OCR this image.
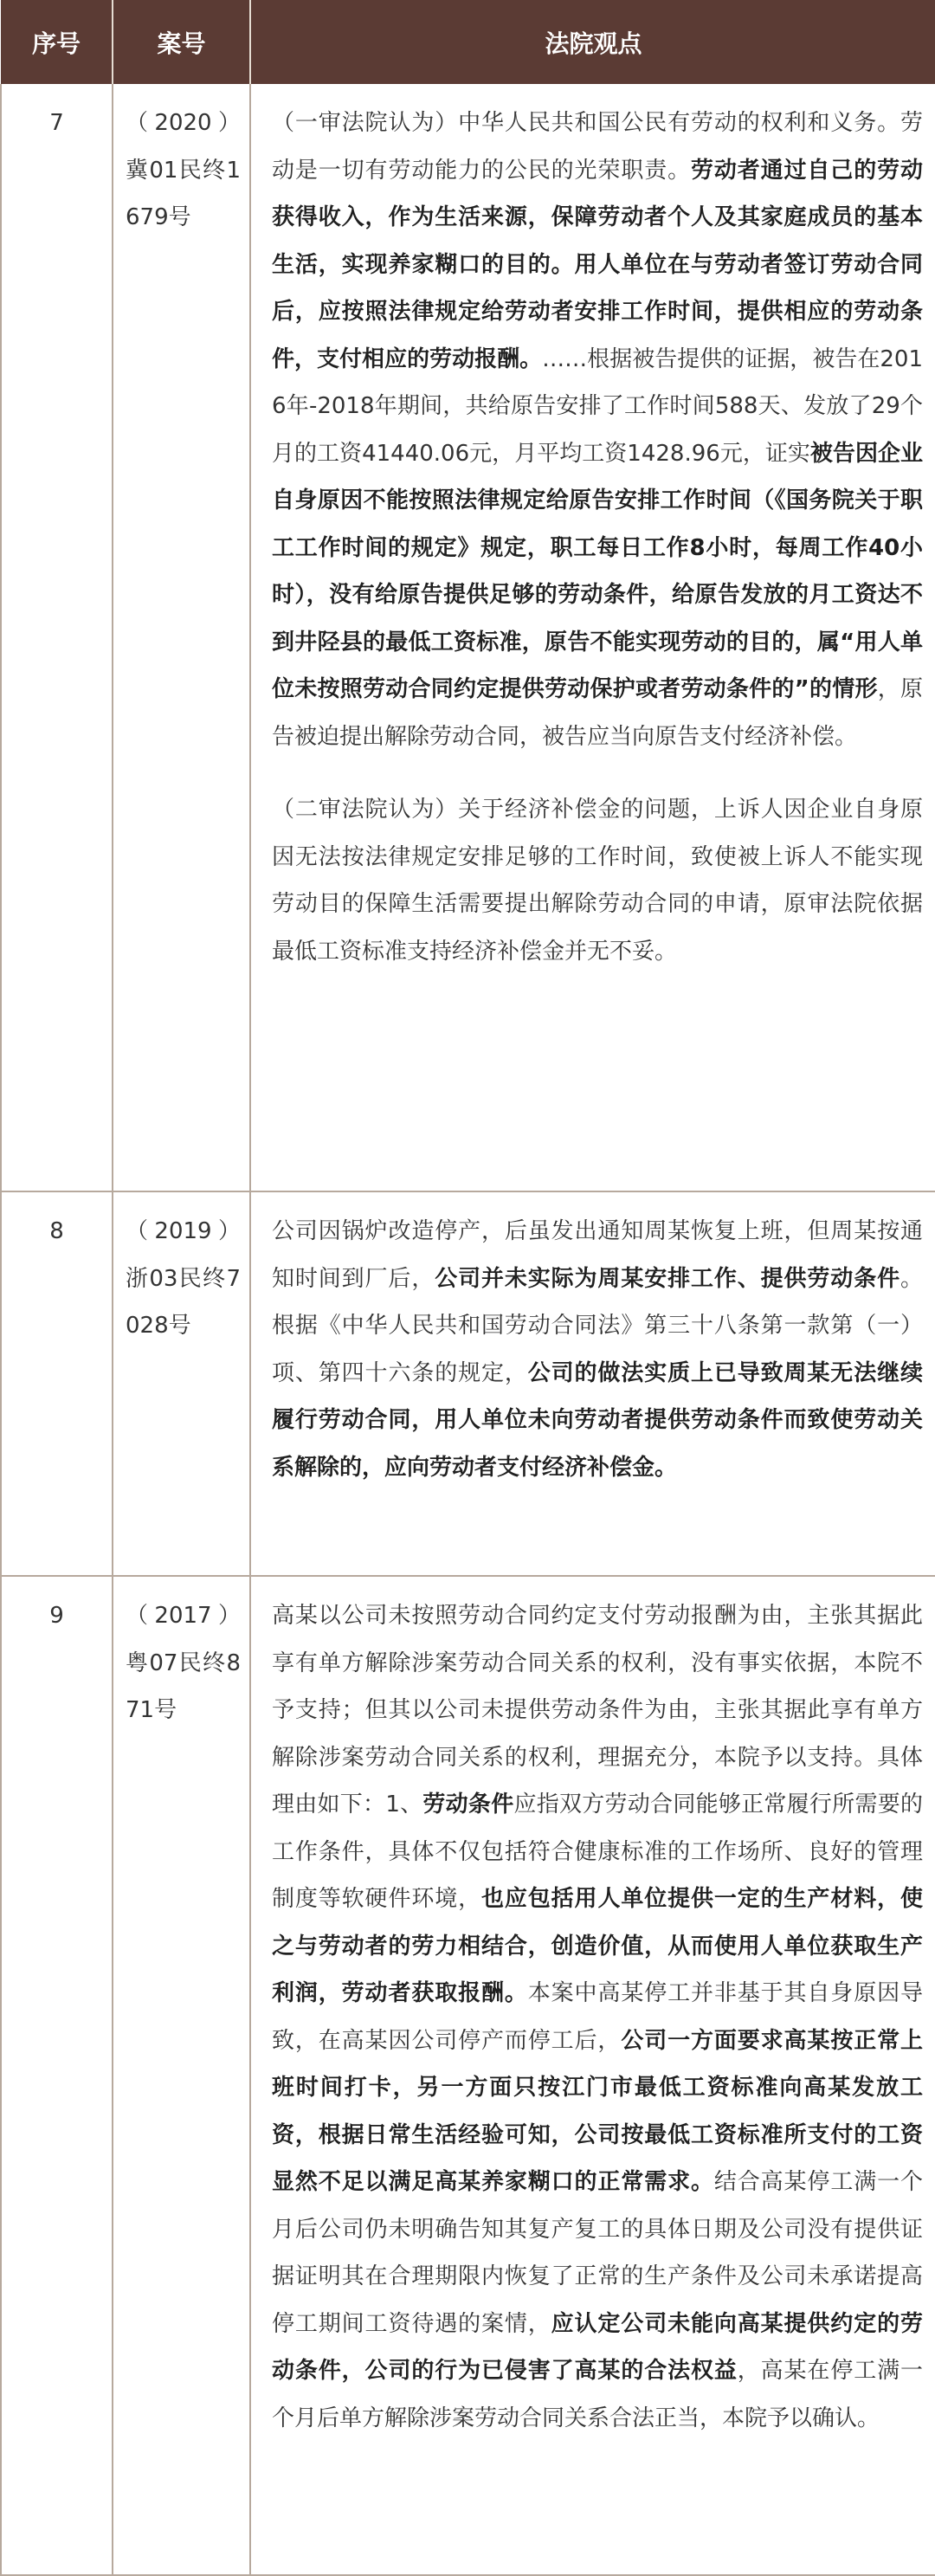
序号	案号	法院观点
7	（2020）冀01民终1679号	（一审法院认为）中华人民共和国公民有劳动的权利和义务。劳动是一切有劳动能力的公民的光荣职责。劳动者通过自己的劳动获得收入，作为生活来源，保障劳动者个人及其家庭成员的基本生活，实现养家糊口的目的。用人单位在与劳动者签订劳动合同后，应按照法律规定给劳动者安排工作时间，提供相应的劳动条件，支付相应的劳动报酬。……根据被告提供的证据，被告在2016年-2018年期间，共给原告安排了工作时间588天、发放了29个月的工资41440.06元，月平均工资1428.96元，证实被告因企业自身原因不能按照法律规定给原告安排工作时间（《国务院关于职工工作时间的规定》规定，职工每日工作8小时，每周工作40小时），没有给原告提供足够的劳动条件，给原告发放的月工资达不到井陉县的最低工资标准，原告不能实现劳动的目的，属“用人单位未按照劳动合同约定提供劳动保护或者劳动条件的”的情形，原告被迫提出解除劳动合同，被告应当向原告支付经济补偿。

（二审法院认为）关于经济补偿金的问题，上诉人因企业自身原因无法按法律规定安排足够的工作时间，致使被上诉人不能实现劳动目的保障生活需要提出解除劳动合同的申请，原审法院依据最低工资标准支持经济补偿金并无不妥。

8	（2019）浙03民终7028号	公司因锅炉改造停产，后虽发出通知周某恢复上班，但周某按通知时间到厂后，公司并未实际为周某安排工作、提供劳动条件。根据《中华人民共和国劳动合同法》第三十八条第一款第（一）项、第四十六条的规定，公司的做法实质上已导致周某无法继续履行劳动合同，用人单位未向劳动者提供劳动条件而致使劳动关系解除的，应向劳动者支付经济补偿金。

9	（2017）粤07民终871号	高某以公司未按照劳动合同约定支付劳动报酬为由，主张其据此享有单方解除涉案劳动合同关系的权利，没有事实依据，本院不予支持；但其以公司未提供劳动条件为由，主张其据此享有单方解除涉案劳动合同关系的权利，理据充分，本院予以支持。具体理由如下：1、劳动条件应指双方劳动合同能够正常履行所需要的工作条件，具体不仅包括符合健康标准的工作场所、良好的管理制度等软硬件环境，也应包括用人单位提供一定的生产材料，使之与劳动者的劳力相结合，创造价值，从而使用人单位获取生产利润，劳动者获取报酬。本案中高某停工并非基于其自身原因导致，在高某因公司停产而停工后，公司一方面要求高某按正常上班时间打卡，另一方面只按江门市最低工资标准向高某发放工资，根据日常生活经验可知，公司按最低工资标准所支付的工资显然不足以满足高某养家糊口的正常需求。结合高某停工满一个月后公司仍未明确告知其复产复工的具体日期及公司没有提供证据证明其在合理期限内恢复了正常的生产条件及公司未承诺提高停工期间工资待遇的案情，应认定公司未能向高某提供约定的劳动条件，公司的行为已侵害了高某的合法权益，高某在停工满一个月后单方解除涉案劳动合同关系合法正当，本院予以确认。
